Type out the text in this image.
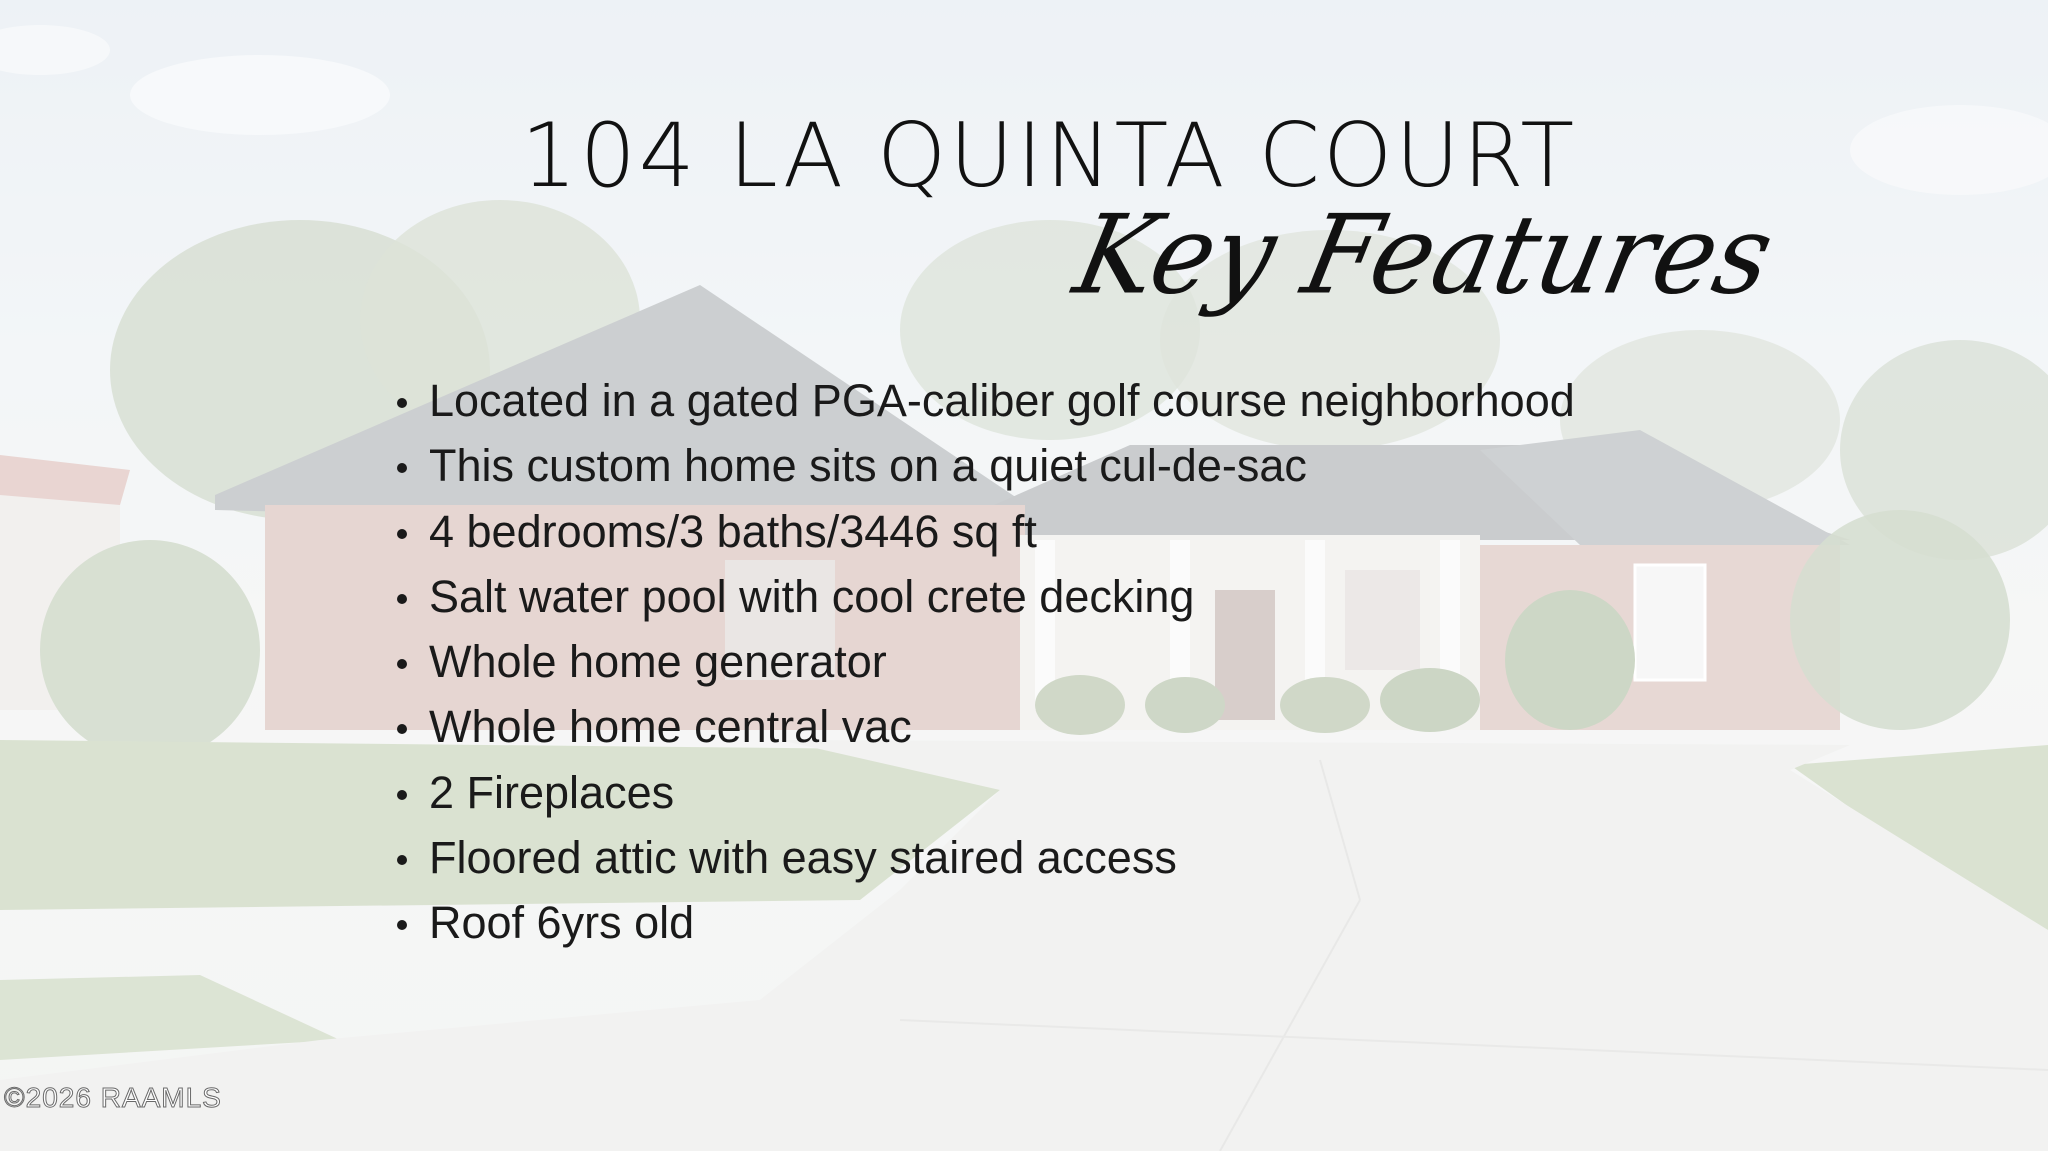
104 LA QUINTA COURT
Key Features
Located in a gated PGA-caliber golf course neighborhood
This custom home sits on a quiet cul-de-sac
4 bedrooms/3 baths/3446 sq ft
Salt water pool with cool crete decking
Whole home generator
Whole home central vac
2 Fireplaces
Floored attic with easy staired access
Roof 6yrs old
©2026 RAAMLS
